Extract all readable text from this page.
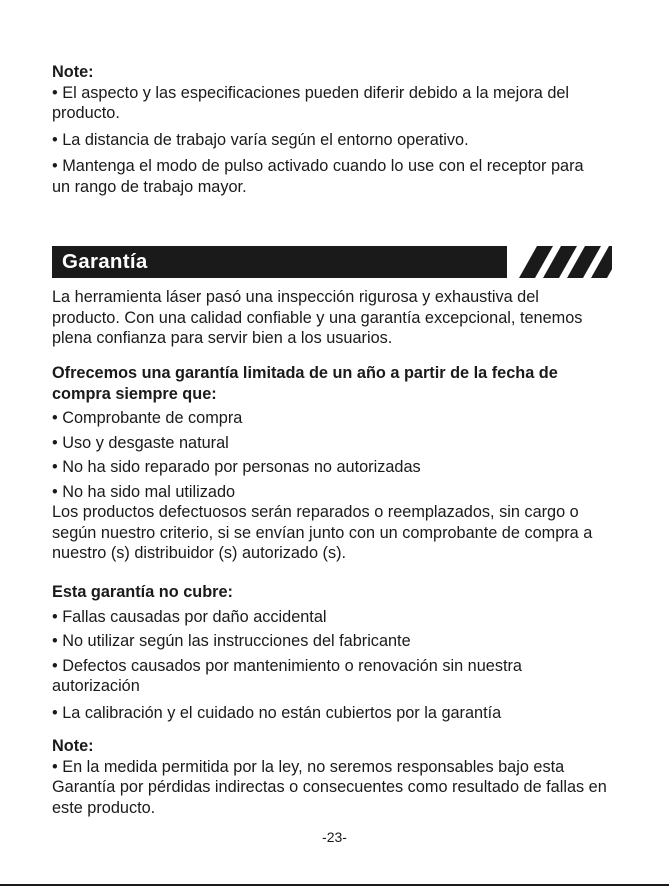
Note:

• El aspecto y las especificaciones pueden diferir debido a la mejora del producto.

• La distancia de trabajo varía según el entorno operativo.

• Mantenga el modo de pulso activado cuando lo use con el receptor para un rango de trabajo mayor.

Garantía

La herramienta láser pasó una inspección rigurosa y exhaustiva del producto. Con una calidad confiable y una garantía excepcional, tenemos plena confianza para servir bien a los usuarios.

Ofrecemos una garantía limitada de un año a partir de la fecha de compra siempre que:

• Comprobante de compra

• Uso y desgaste natural

• No ha sido reparado por personas no autorizadas

• No ha sido mal utilizado

Los productos defectuosos serán reparados o reemplazados, sin cargo o según nuestro criterio, si se envían junto con un comprobante de compra a nuestro (s) distribuidor (s) autorizado (s).

Esta garantía no cubre:

• Fallas causadas por daño accidental

• No utilizar según las instrucciones del fabricante

• Defectos causados por mantenimiento o renovación sin nuestra autorización

• La calibración y el cuidado no están cubiertos por la garantía

Note:

• En la medida permitida por la ley, no seremos responsables bajo esta Garantía por pérdidas indirectas o consecuentes como resultado de fallas en este producto.

-23-
